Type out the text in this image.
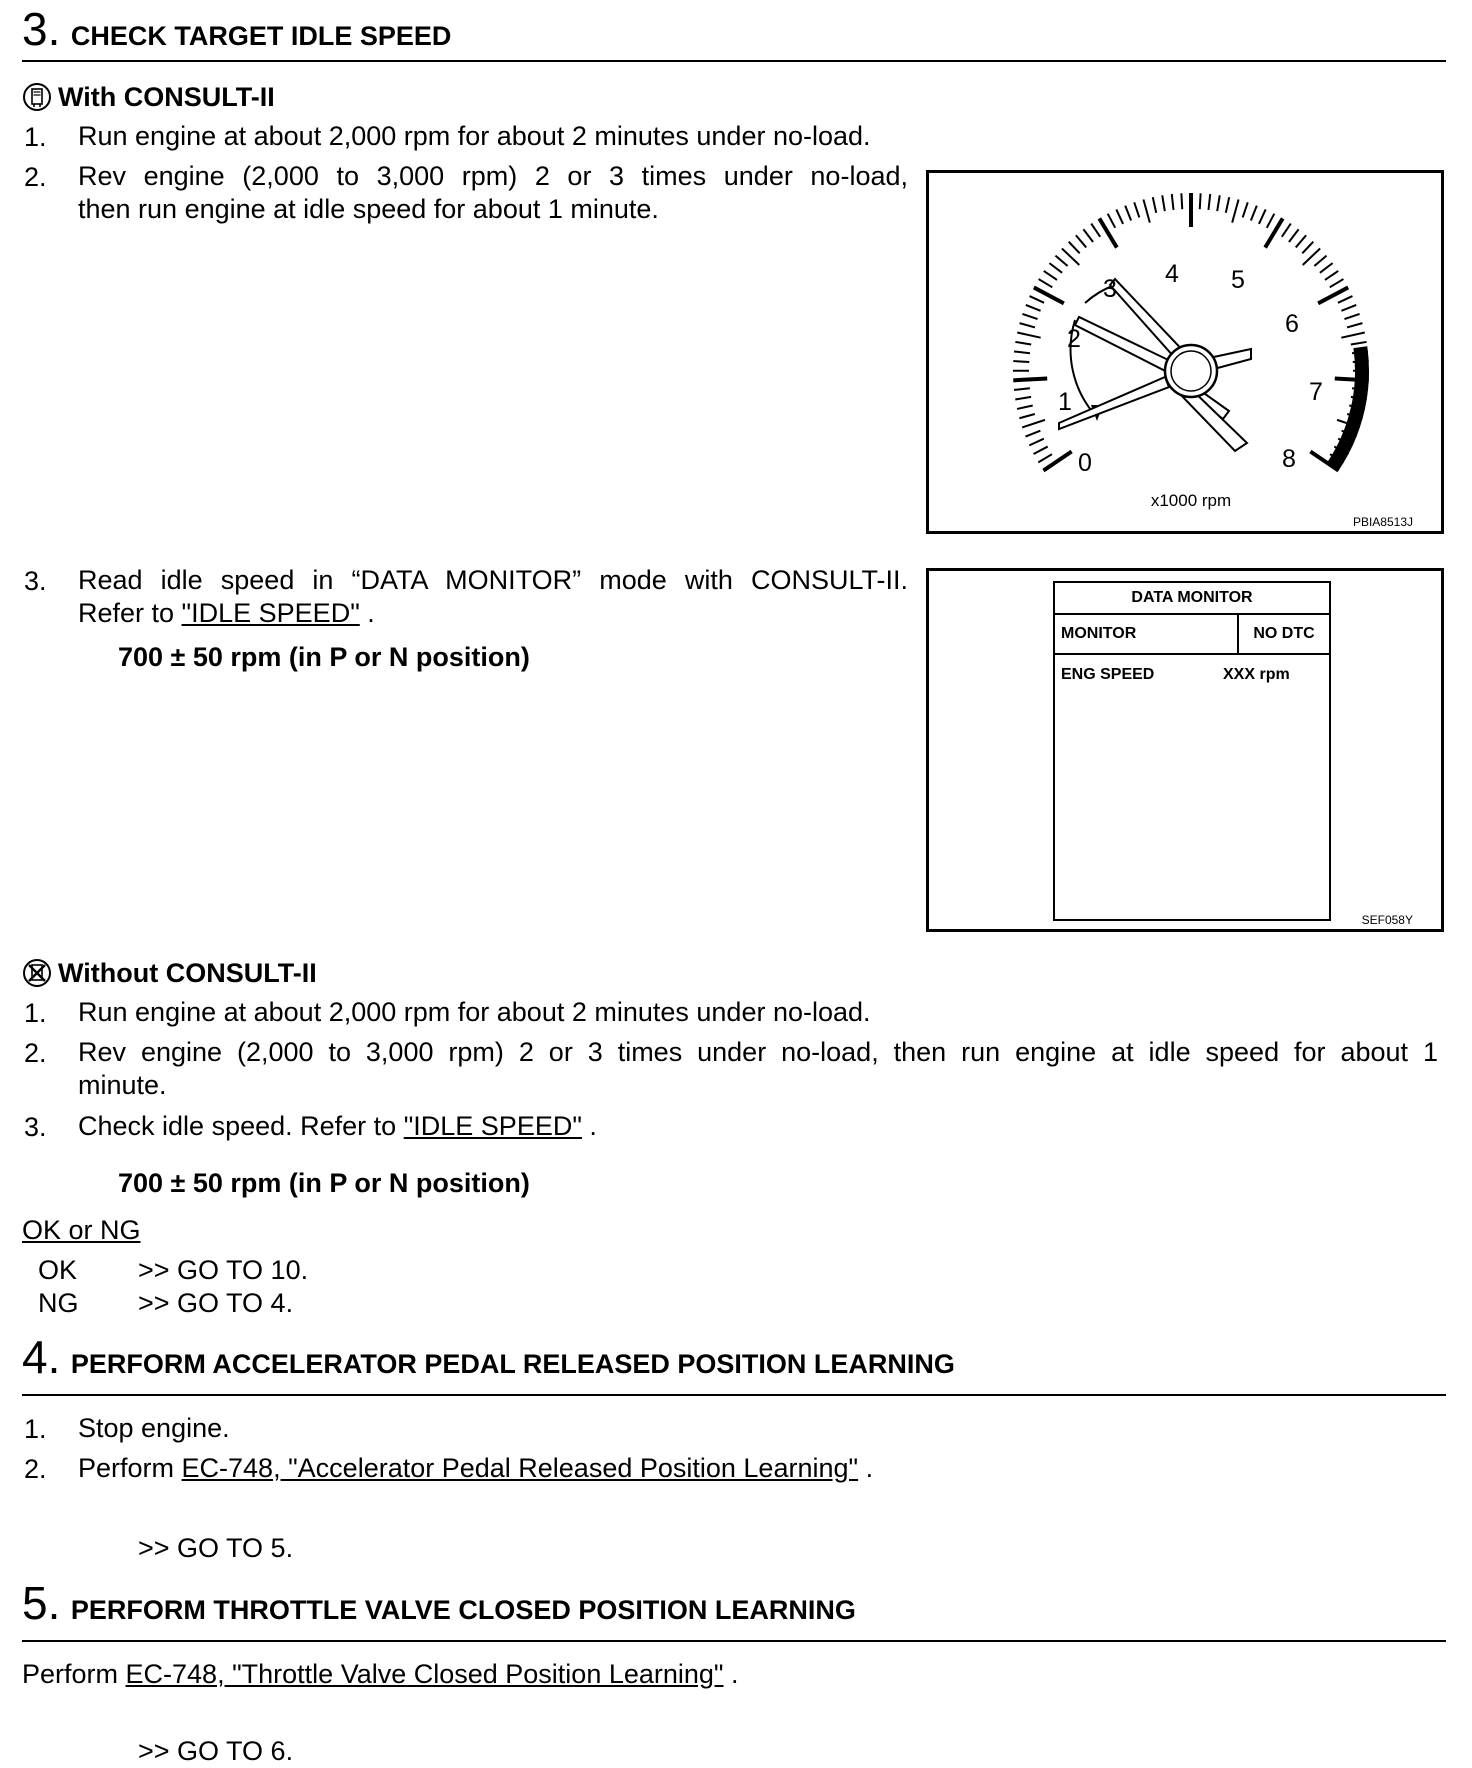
3. CHECK TARGET IDLE SPEED
With CONSULT-II
1. Run engine at about 2,000 rpm for about 2 minutes under no-load.
2. Rev engine (2,000 to 3,000 rpm) 2 or 3 times under no-load,
then run engine at idle speed for about 1 minute.
0
1
2
3
4 5
6
7
8
x1000 rpm
PBIA8513J
3. Read idle speed in “DATA MONITOR” mode with CONSULT-II.
Refer to "IDLE SPEED" .
700 ± 50 rpm (in P or N position)
DATA MONITOR
MONITOR	NO DTC
ENG SPEED	XXX rpm
SEF058Y
Without CONSULT-II
1. Run engine at about 2,000 rpm for about 2 minutes under no-load.
2. Rev engine (2,000 to 3,000 rpm) 2 or 3 times under no-load, then run engine at idle speed for about 1
minute.
3. Check idle speed. Refer to "IDLE SPEED" .
700 ± 50 rpm (in P or N position)
OK or NG
OK >> GO TO 10.
NG >> GO TO 4.
4. PERFORM ACCELERATOR PEDAL RELEASED POSITION LEARNING
1. Stop engine.
2. Perform EC-748, "Accelerator Pedal Released Position Learning" .
>> GO TO 5.
5. PERFORM THROTTLE VALVE CLOSED POSITION LEARNING
Perform EC-748, "Throttle Valve Closed Position Learning" .
>> GO TO 6.
